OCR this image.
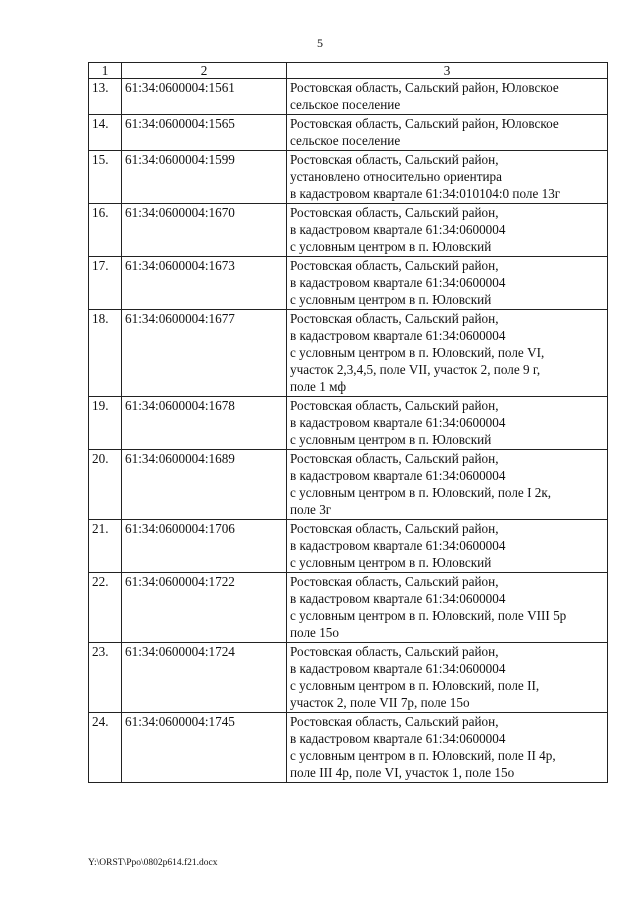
5
1	2	3
13.	61:34:0600004:1561	Ростовская область, Сальский район, Юловское
сельское поселение

14.	61:34:0600004:1565	Ростовская область, Сальский район, Юловское
сельское поселение

15.	61:34:0600004:1599	Ростовская область, Сальский район,
установлено относительно ориентира
в кадастровом квартале 61:34:010104:0 поле 13г

16.	61:34:0600004:1670	Ростовская область, Сальский район,
в кадастровом квартале 61:34:0600004
с условным центром в п. Юловский

17.	61:34:0600004:1673	Ростовская область, Сальский район,
в кадастровом квартале 61:34:0600004
с условным центром в п. Юловский

18.	61:34:0600004:1677	Ростовская область, Сальский район,
в кадастровом квартале 61:34:0600004
с условным центром в п. Юловский, поле VI,
участок 2,3,4,5, поле VII, участок 2, поле 9 г,
поле 1 мф

19.	61:34:0600004:1678	Ростовская область, Сальский район,
в кадастровом квартале 61:34:0600004
с условным центром в п. Юловский

20.	61:34:0600004:1689	Ростовская область, Сальский район,
в кадастровом квартале 61:34:0600004
с условным центром в п. Юловский, поле I 2к,
поле 3г

21.	61:34:0600004:1706	Ростовская область, Сальский район,
в кадастровом квартале 61:34:0600004
с условным центром в п. Юловский

22.	61:34:0600004:1722	Ростовская область, Сальский район,
в кадастровом квартале 61:34:0600004
с условным центром в п. Юловский, поле VIII 5р
поле 15о

23.	61:34:0600004:1724	Ростовская область, Сальский район,
в кадастровом квартале 61:34:0600004
с условным центром в п. Юловский, поле II,
участок 2, поле VII 7р, поле 15о

24.	61:34:0600004:1745	Ростовская область, Сальский район,
в кадастровом квартале 61:34:0600004
с условным центром в п. Юловский, поле II 4р,
поле III 4р, поле VI, участок 1, поле 15о
Y:\ORST\Ppo\0802p614.f21.docx
